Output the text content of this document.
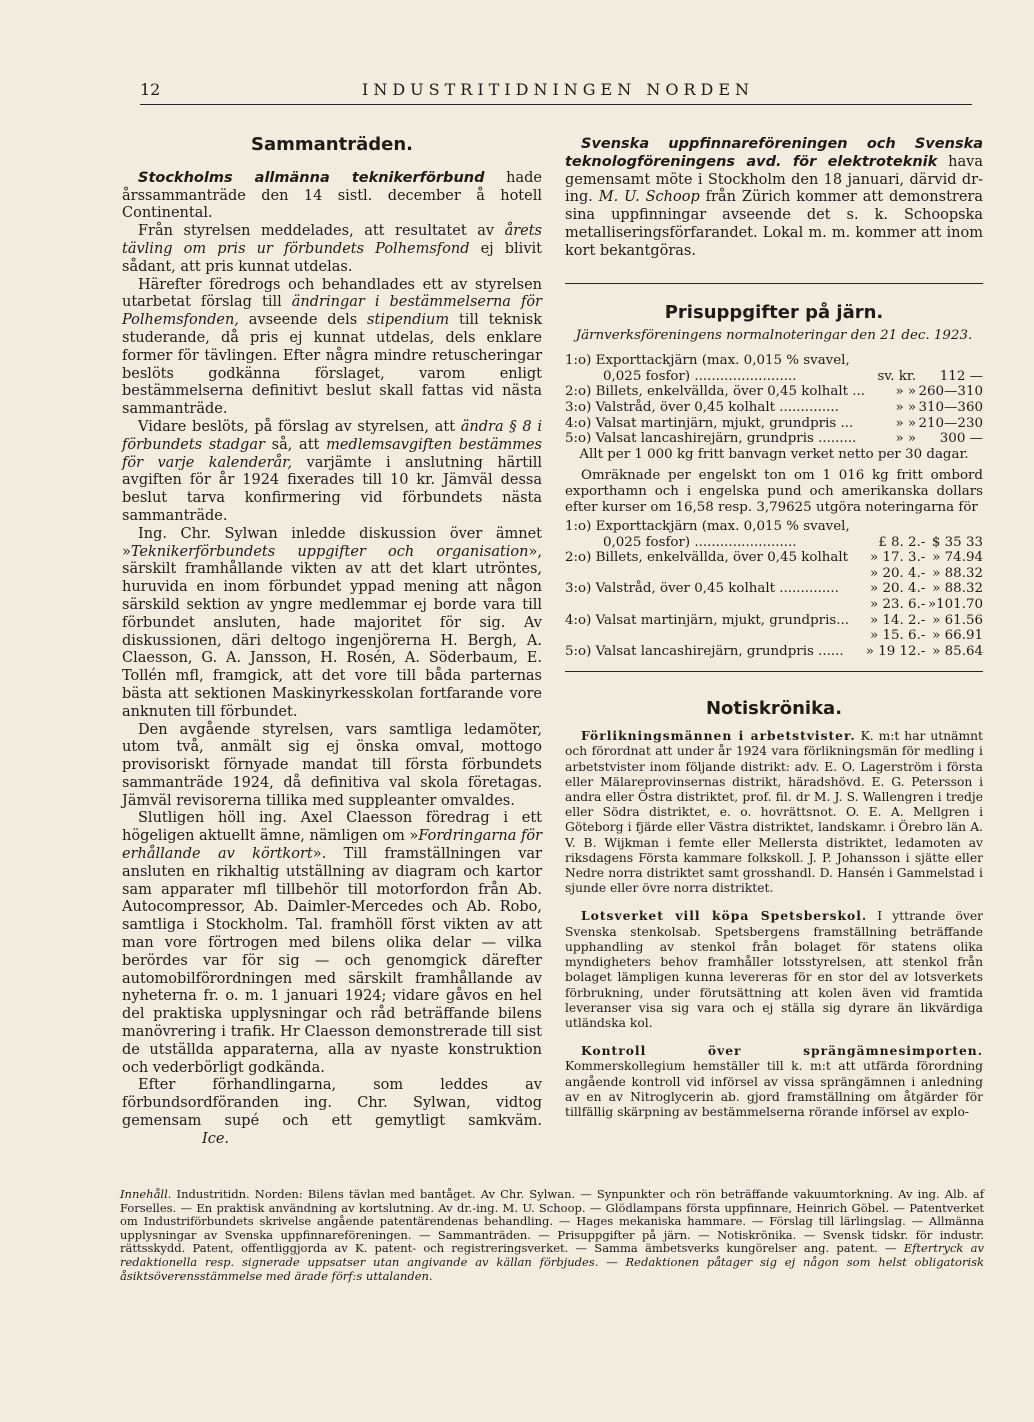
12	INDUSTRITIDNINGEN NORDEN
Sammanträden.

Stockholms allmänna teknikerförbund hade årssammanträde den 14 sistl. december å hotell Continental.

Från styrelsen meddelades, att resultatet av årets tävling om pris ur förbundets Polhemsfond ej blivit sådant, att pris kunnat utdelas.

Härefter föredrogs och behandlades ett av styrelsen utarbetat förslag till ändringar i bestämmelserna för Polhemsfonden, avseende dels stipendium till teknisk studerande, då pris ej kunnat utdelas, dels enklare former för tävlingen. Efter några mindre retuscheringar beslöts godkänna förslaget, varom enligt bestämmelserna definitivt beslut skall fattas vid nästa sammanträde.

Vidare beslöts, på förslag av styrelsen, att ändra § 8 i förbundets stadgar så, att medlemsavgiften bestämmes för varje kalenderår, varjämte i anslutning härtill avgiften för år 1924 fixerades till 10 kr. Jämväl dessa beslut tarva konfirmering vid förbundets nästa sammanträde.

Ing. Chr. Sylwan inledde diskussion över ämnet »Teknikerförbundets uppgifter och organisation», särskilt framhållande vikten av att det klart utröntes, huruvida en inom förbundet yppad mening att någon särskild sektion av yngre medlemmar ej borde vara till förbundet ansluten, hade majoritet för sig. Av diskussionen, däri deltogo ingenjörerna H. Bergh, A. Claesson, G. A. Jansson, H. Rosén, A. Söderbaum, E. Tollén mfl, framgick, att det vore till båda parternas bästa att sektionen Maskinyrkesskolan fortfarande vore anknuten till förbundet.

Den avgående styrelsen, vars samtliga ledamöter, utom två, anmält sig ej önska omval, mottogo provisoriskt förnyade mandat till första förbundets sammanträde 1924, då definitiva val skola företagas. Jämväl revisorerna tillika med suppleanter omvaldes.

Slutligen höll ing. Axel Claesson föredrag i ett högeligen aktuellt ämne, nämligen om »Fordringarna för erhållande av körtkort». Till framställningen var ansluten en rikhaltig utställning av diagram och kartor sam apparater mfl tillbehör till motorfordon från Ab. Autocompressor, Ab. Daimler-Mercedes och Ab. Robo, samtliga i Stockholm. Tal. framhöll först vikten av att man vore förtrogen med bilens olika delar — vilka berördes var för sig — och genomgick därefter automobilförordningen med särskilt framhållande av nyheterna fr. o. m. 1 januari 1924; vidare gåvos en hel del praktiska upplysningar och råd beträffande bilens manövrering i trafik. Hr Claesson demonstrerade till sist de utställda apparaterna, alla av nyaste konstruktion och vederbörligt godkända.

Efter förhandlingarna, som leddes av förbundsordföranden ing. Chr. Sylwan, vidtog gemensam supé och ett gemytligt samkväm. Ice.

Svenska uppfinnareföreningen och Svenska teknologföreningens avd. för elektroteknik hava gemensamt möte i Stockholm den 18 januari, därvid dr-ing. M. U. Schoop från Zürich kommer att demonstrera sina uppfinningar avseende det s. k. Schoopska metalliseringsförfarandet. Lokal m. m. kommer att inom kort bekantgöras.

Prisuppgifter på järn.

Järnverksföreningens normalnoteringar den 21 dec. 1923.

1:o) Exporttackjärn (max. 0,015 % svavel,		
0,025 fosfor) ........................	sv. kr.	112 —
2:o) Billets, enkelvällda, över 0,45 kolhalt ...	» »	260—310
3:o) Valstråd, över 0,45 kolhalt ..............	» »	310—360
4:o) Valsat martinjärn, mjukt, grundpris ...	» »	210—230
5:o) Valsat lancashirejärn, grundpris .........	» »	300 —

Allt per 1 000 kg fritt banvagn verket netto per 30 dagar.

Omräknade per engelskt ton om 1 016 kg fritt ombord exporthamn och i engelska pund och amerikanska dollars efter kurser om 16,58 resp. 3,79625 utgöra noteringarna för

1:o) Exporttackjärn (max. 0,015 % svavel,		
0,025 fosfor) ........................	£ 8. 2.-	$ 35 33
2:o) Billets, enkelvällda, över 0,45 kolhalt	» 17. 3.-	» 74.94
	» 20. 4.-	» 88.32
3:o) Valstråd, över 0,45 kolhalt ..............	» 20. 4.-	» 88.32
	» 23. 6.-	»101.70
4:o) Valsat martinjärn, mjukt, grundpris...	» 14. 2.-	» 61.56
	» 15. 6.-	» 66.91
5:o) Valsat lancashirejärn, grundpris ......	» 19 12.-	» 85.64
Notiskrönika.

Förlikningsmännen i arbetstvister. K. m:t har utnämnt och förordnat att under år 1924 vara förlikningsmän för medling i arbetstvister inom följande distrikt: adv. E. O. Lagerström i första eller Mälareprovinsernas distrikt, häradshövd. E. G. Petersson i andra eller Östra distriktet, prof. fil. dr M. J. S. Wallengren i tredje eller Södra distriktet, e. o. hovrättsnot. O. E. A. Mellgren i Göteborg i fjärde eller Västra distriktet, landskamr. i Örebro län A. V. B. Wijkman i femte eller Mellersta distriktet, ledamoten av riksdagens Första kammare folkskoll. J. P. Johansson i sjätte eller Nedre norra distriktet samt grosshandl. D. Hansén i Gammelstad i sjunde eller övre norra distriktet.

Lotsverket vill köpa Spetsberskol. I yttrande över Svenska stenkolsab. Spetsbergens framställning beträffande upphandling av stenkol från bolaget för statens olika myndigheters behov framhåller lotsstyrelsen, att stenkol från bolaget lämpligen kunna levereras för en stor del av lotsverkets förbrukning, under förutsättning att kolen även vid framtida leveranser visa sig vara och ej ställa sig dyrare än likvärdiga utländska kol.

Kontroll över sprängämnesimporten. Kommerskollegium hemställer till k. m:t att utfärda förordning angående kontroll vid införsel av vissa sprängämnen i anledning av en av Nitroglycerin ab. gjord framställning om åtgärder för tillfällig skärpning av bestämmelserna rörande införsel av explo-

Innehåll. Industritidn. Norden: Bilens tävlan med bantåget. Av Chr. Sylwan. — Synpunkter och rön beträffande vakuumtorkning. Av ing. Alb. af Forselles. — En praktisk användning av kortslutning. Av dr.-ing. M. U. Schoop. — Glödlampans första uppfinnare, Heinrich Göbel. — Patentverket om Industriförbundets skrivelse angående patentärendenas behandling. — Hages mekaniska hammare. — Förslag till lärlingslag. — Allmänna upplysningar av Svenska uppfinnareföreningen. — Sammanträden. — Prisuppgifter på järn. — Notiskrönika. — Svensk tidskr. för industr. rättsskydd. Patent, offentliggjorda av K. patent- och registreringsverket. — Samma ämbetsverks kungörelser ang. patent. — Eftertryck av redaktionella resp. signerade uppsatser utan angivande av källan förbjudes. — Redaktionen påtager sig ej någon som helst obligatorisk åsiktsöverensstämmelse med ärade förf:s uttalanden.
